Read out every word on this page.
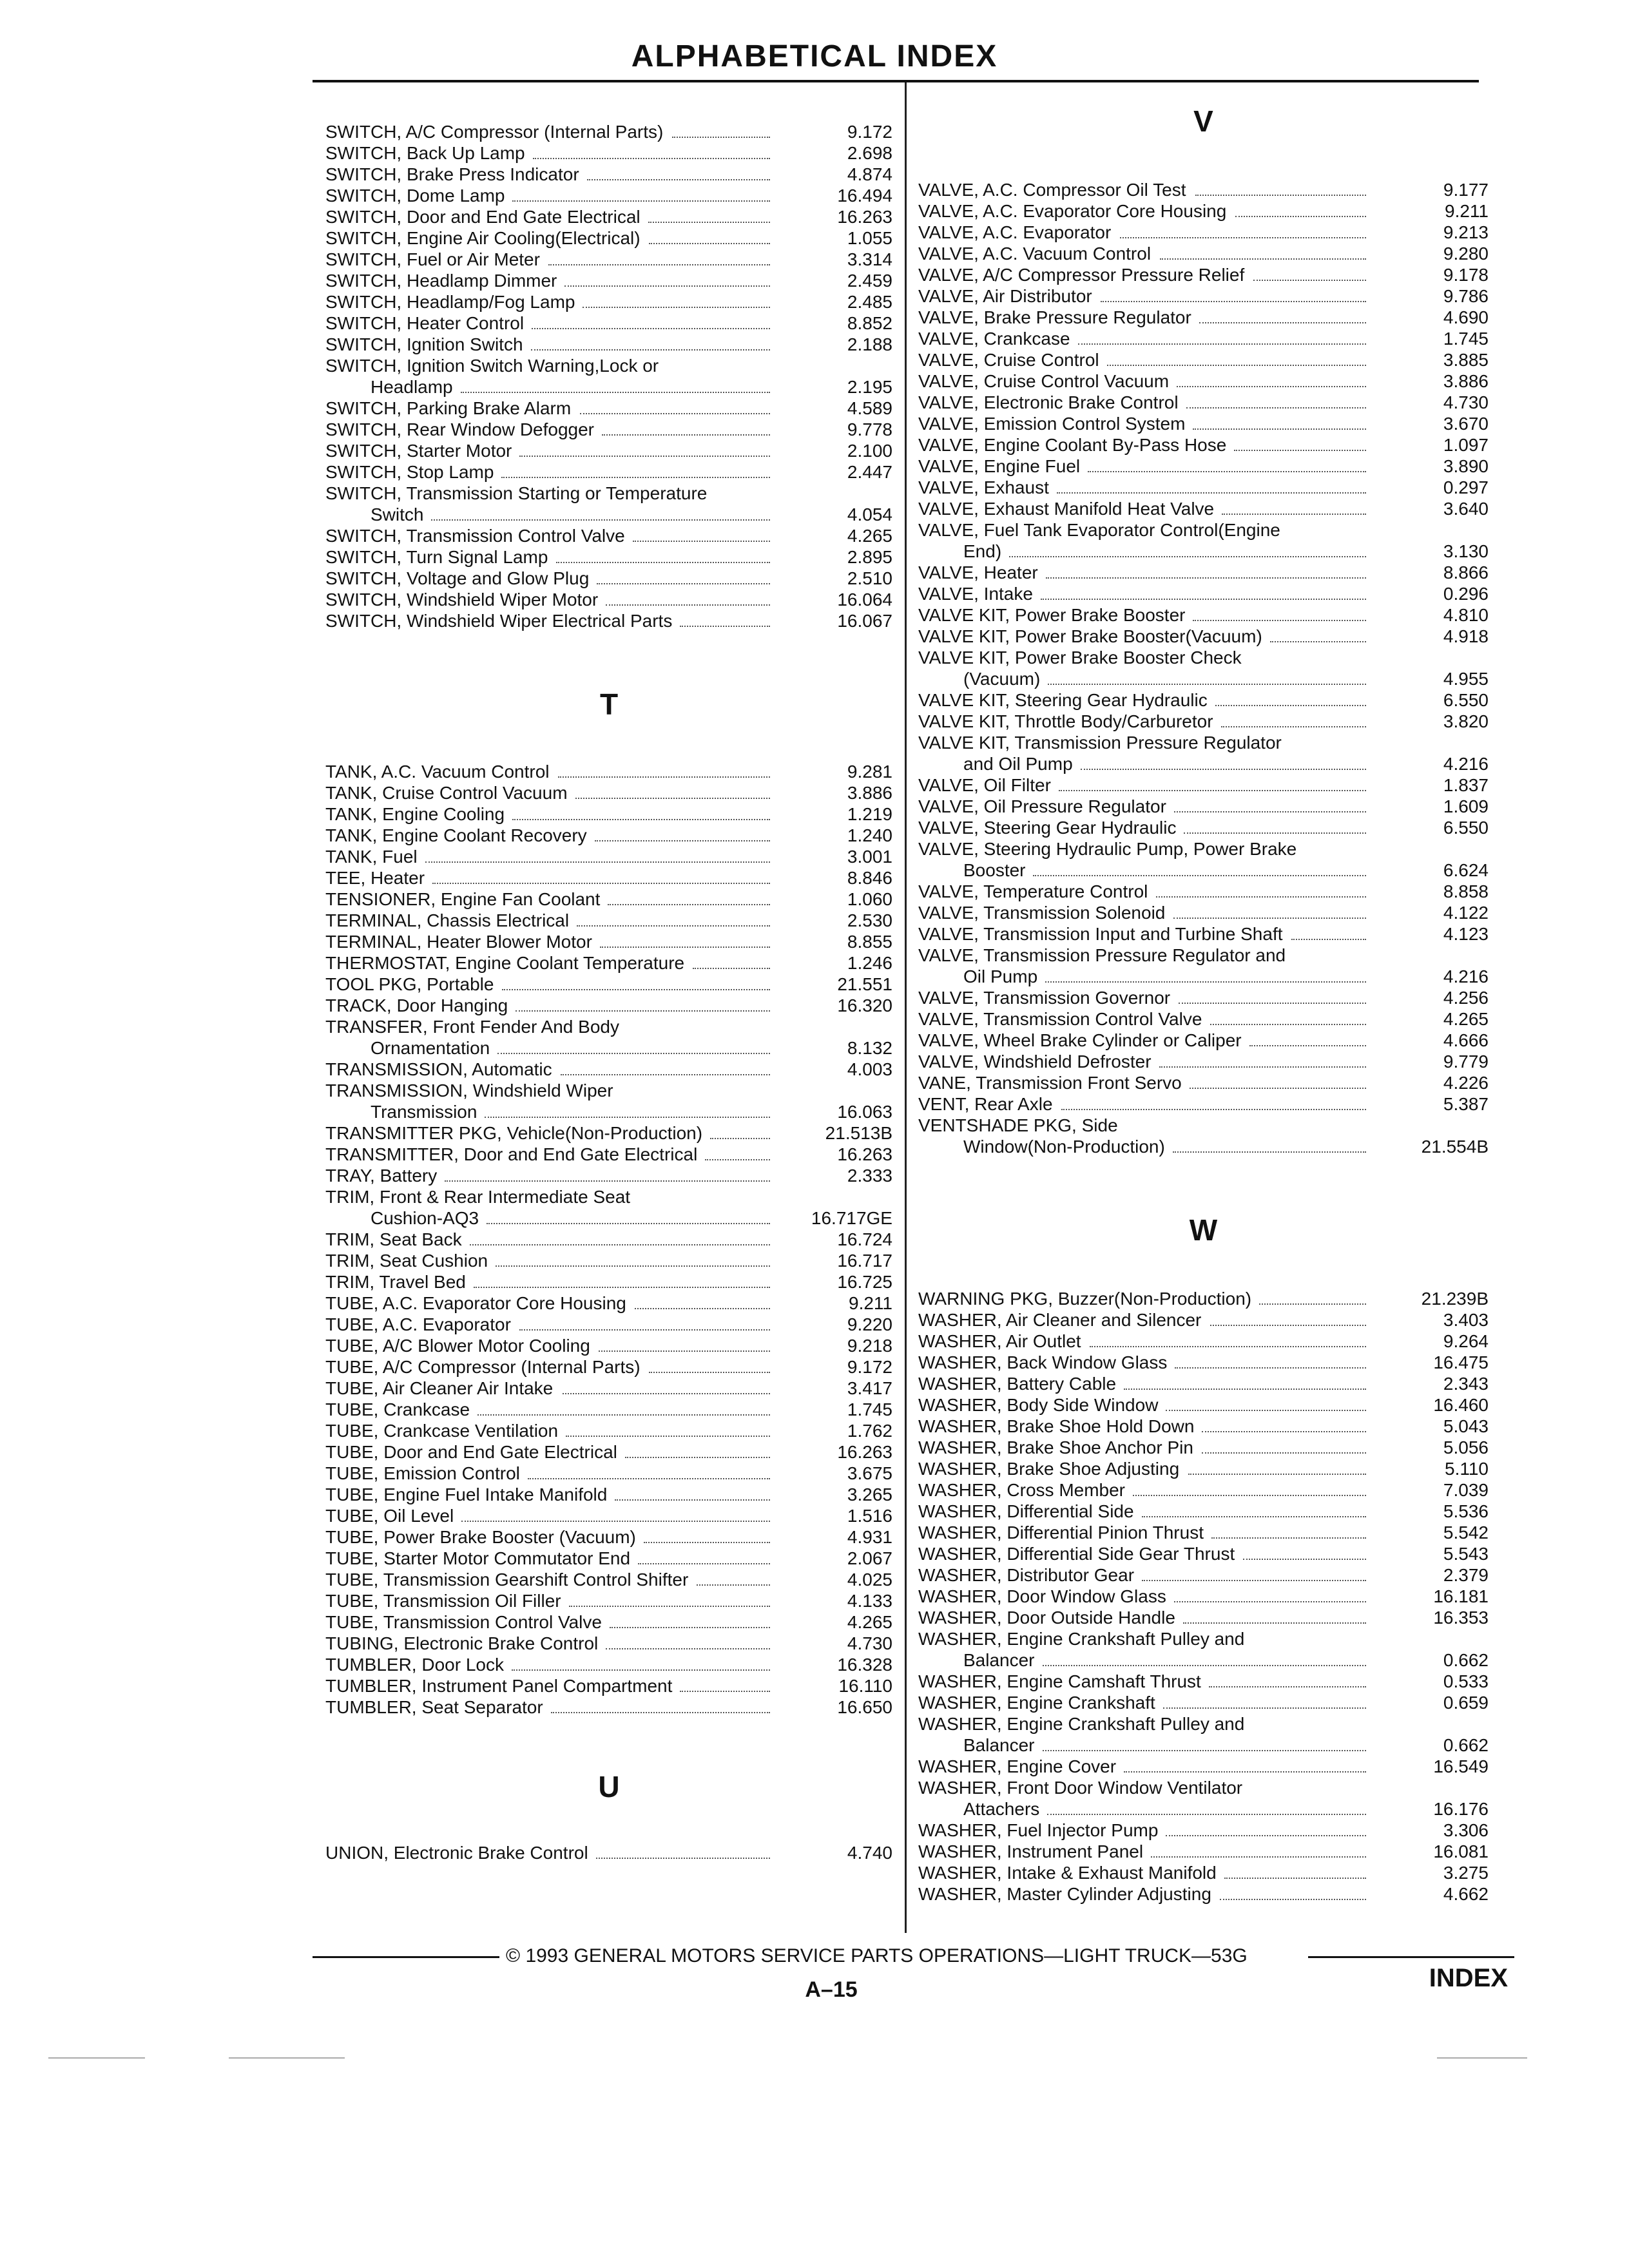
ALPHABETICAL INDEX
SWITCH, A/C Compressor (Internal Parts)	9.172
SWITCH, Back Up Lamp	2.698
SWITCH, Brake Press Indicator	4.874
SWITCH, Dome Lamp	16.494
SWITCH, Door and End Gate Electrical	16.263
SWITCH, Engine Air Cooling(Electrical)	1.055
SWITCH, Fuel or Air Meter	3.314
SWITCH, Headlamp Dimmer	2.459
SWITCH, Headlamp/Fog Lamp	2.485
SWITCH, Heater Control	8.852
SWITCH, Ignition Switch	2.188
SWITCH, Ignition Switch Warning,Lock or
Headlamp	2.195
SWITCH, Parking Brake Alarm	4.589
SWITCH, Rear Window Defogger	9.778
SWITCH, Starter Motor	2.100
SWITCH, Stop Lamp	2.447
SWITCH, Transmission Starting or Temperature
Switch	4.054
SWITCH, Transmission Control Valve	4.265
SWITCH, Turn Signal Lamp	2.895
SWITCH, Voltage and Glow Plug	2.510
SWITCH, Windshield Wiper Motor	16.064
SWITCH, Windshield Wiper Electrical Parts	16.067
T
TANK, A.C. Vacuum Control	9.281
TANK, Cruise Control Vacuum	3.886
TANK, Engine Cooling	1.219
TANK, Engine Coolant Recovery	1.240
TANK, Fuel	3.001
TEE, Heater	8.846
TENSIONER, Engine Fan Coolant	1.060
TERMINAL, Chassis Electrical	2.530
TERMINAL, Heater Blower Motor	8.855
THERMOSTAT, Engine Coolant Temperature	1.246
TOOL PKG, Portable	21.551
TRACK, Door Hanging	16.320
TRANSFER, Front Fender And Body
Ornamentation	8.132
TRANSMISSION, Automatic	4.003
TRANSMISSION, Windshield Wiper
Transmission	16.063
TRANSMITTER PKG, Vehicle(Non-Production)	21.513B
TRANSMITTER, Door and End Gate Electrical	16.263
TRAY, Battery	2.333
TRIM, Front & Rear Intermediate Seat
Cushion-AQ3	16.717GE
TRIM, Seat Back	16.724
TRIM, Seat Cushion	16.717
TRIM, Travel Bed	16.725
TUBE, A.C. Evaporator Core Housing	9.211
TUBE, A.C. Evaporator	9.220
TUBE, A/C Blower Motor Cooling	9.218
TUBE, A/C Compressor (Internal Parts)	9.172
TUBE, Air Cleaner Air Intake	3.417
TUBE, Crankcase	1.745
TUBE, Crankcase Ventilation	1.762
TUBE, Door and End Gate Electrical	16.263
TUBE, Emission Control	3.675
TUBE, Engine Fuel Intake Manifold	3.265
TUBE, Oil Level	1.516
TUBE, Power Brake Booster (Vacuum)	4.931
TUBE, Starter Motor Commutator End	2.067
TUBE, Transmission Gearshift Control Shifter	4.025
TUBE, Transmission Oil Filler	4.133
TUBE, Transmission Control Valve	4.265
TUBING, Electronic Brake Control	4.730
TUMBLER, Door Lock	16.328
TUMBLER, Instrument Panel Compartment	16.110
TUMBLER, Seat Separator	16.650
U
UNION, Electronic Brake Control	4.740
V
VALVE, A.C. Compressor Oil Test	9.177
VALVE, A.C. Evaporator Core Housing	9.211
VALVE, A.C. Evaporator	9.213
VALVE, A.C. Vacuum Control	9.280
VALVE, A/C Compressor Pressure Relief	9.178
VALVE, Air Distributor	9.786
VALVE, Brake Pressure Regulator	4.690
VALVE, Crankcase	1.745
VALVE, Cruise Control	3.885
VALVE, Cruise Control Vacuum	3.886
VALVE, Electronic Brake Control	4.730
VALVE, Emission Control System	3.670
VALVE, Engine Coolant By-Pass Hose	1.097
VALVE, Engine Fuel	3.890
VALVE, Exhaust	0.297
VALVE, Exhaust Manifold Heat Valve	3.640
VALVE, Fuel Tank Evaporator Control(Engine
End)	3.130
VALVE, Heater	8.866
VALVE, Intake	0.296
VALVE KIT, Power Brake Booster	4.810
VALVE KIT, Power Brake Booster(Vacuum)	4.918
VALVE KIT, Power Brake Booster Check
(Vacuum)	4.955
VALVE KIT, Steering Gear Hydraulic	6.550
VALVE KIT, Throttle Body/Carburetor	3.820
VALVE KIT, Transmission Pressure Regulator
and Oil Pump	4.216
VALVE, Oil Filter	1.837
VALVE, Oil Pressure Regulator	1.609
VALVE, Steering Gear Hydraulic	6.550
VALVE, Steering Hydraulic Pump, Power Brake
Booster	6.624
VALVE, Temperature Control	8.858
VALVE, Transmission Solenoid	4.122
VALVE, Transmission Input and Turbine Shaft	4.123
VALVE, Transmission Pressure Regulator and
Oil Pump	4.216
VALVE, Transmission Governor	4.256
VALVE, Transmission Control Valve	4.265
VALVE, Wheel Brake Cylinder or Caliper	4.666
VALVE, Windshield Defroster	9.779
VANE, Transmission Front Servo	4.226
VENT, Rear Axle	5.387
VENTSHADE PKG, Side
Window(Non-Production)	21.554B
W
WARNING PKG, Buzzer(Non-Production)	21.239B
WASHER, Air Cleaner and Silencer	3.403
WASHER, Air Outlet	9.264
WASHER, Back Window Glass	16.475
WASHER, Battery Cable	2.343
WASHER, Body Side Window	16.460
WASHER, Brake Shoe Hold Down	5.043
WASHER, Brake Shoe Anchor Pin	5.056
WASHER, Brake Shoe Adjusting	5.110
WASHER, Cross Member	7.039
WASHER, Differential Side	5.536
WASHER, Differential Pinion Thrust	5.542
WASHER, Differential Side Gear Thrust	5.543
WASHER, Distributor Gear	2.379
WASHER, Door Window Glass	16.181
WASHER, Door Outside Handle	16.353
WASHER, Engine Crankshaft Pulley and
Balancer	0.662
WASHER, Engine Camshaft Thrust	0.533
WASHER, Engine Crankshaft	0.659
WASHER, Engine Crankshaft Pulley and
Balancer	0.662
WASHER, Engine Cover	16.549
WASHER, Front Door Window Ventilator
Attachers	16.176
WASHER, Fuel Injector Pump	3.306
WASHER, Instrument Panel	16.081
WASHER, Intake & Exhaust Manifold	3.275
WASHER, Master Cylinder Adjusting	4.662
© 1993 GENERAL MOTORS SERVICE PARTS OPERATIONS—LIGHT TRUCK—53G
A–15	INDEX
